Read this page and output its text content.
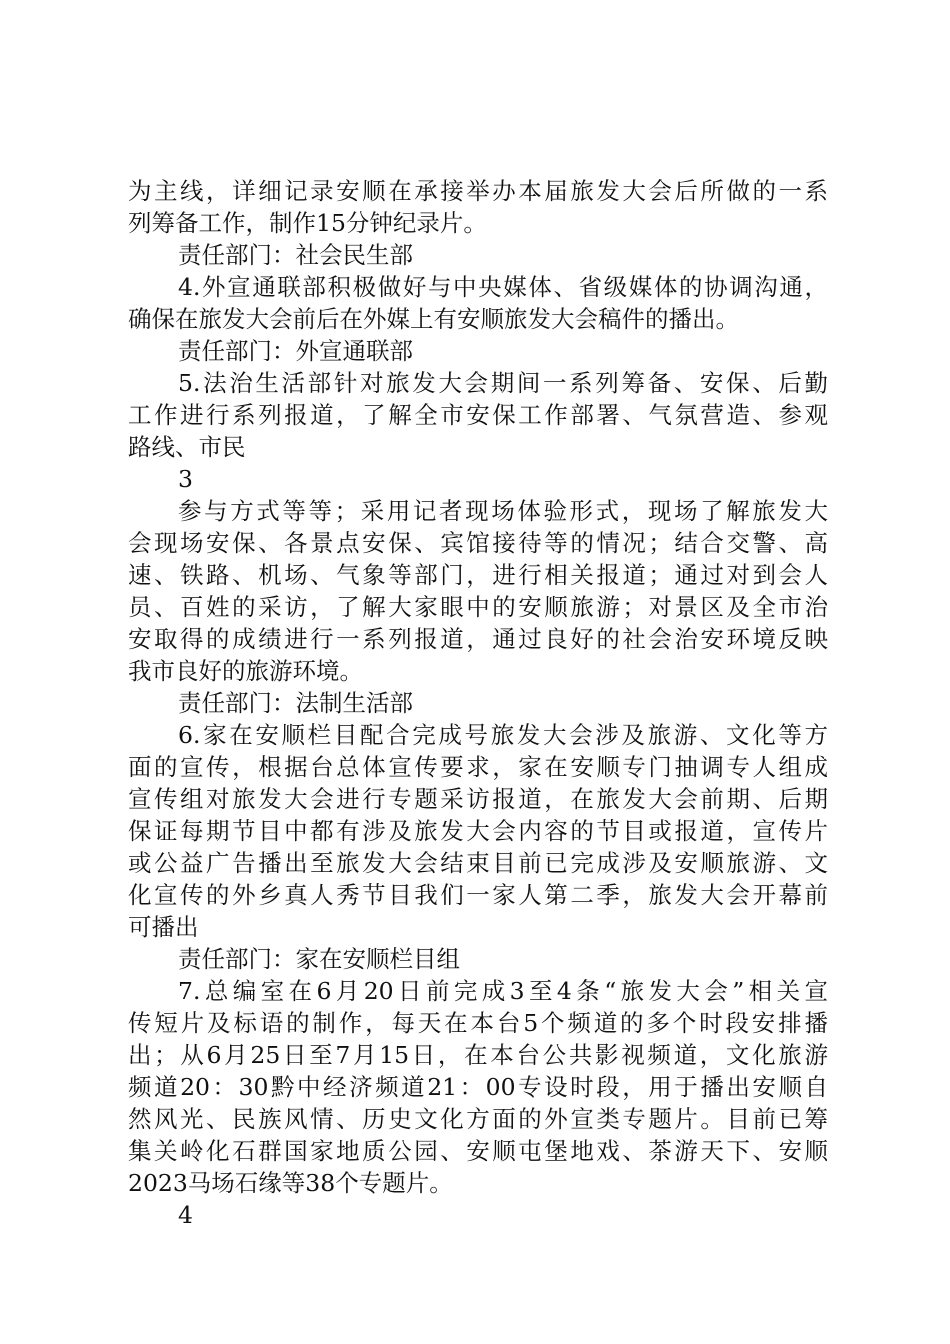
为主线，详细记录安顺在承接举办本届旅发大会后所做的一系
列筹备工作，制作15分钟纪录片。
责任部门：社会民生部
4.外宣通联部积极做好与中央媒体、省级媒体的协调沟通，
确保在旅发大会前后在外媒上有安顺旅发大会稿件的播出。
责任部门：外宣通联部
5.法治生活部针对旅发大会期间一系列筹备、安保、后勤
工作进行系列报道，了解全市安保工作部署、气氛营造、参观
路线、市民
3
参与方式等等；采用记者现场体验形式，现场了解旅发大
会现场安保、各景点安保、宾馆接待等的情况；结合交警、高
速、铁路、机场、气象等部门，进行相关报道；通过对到会人
员、百姓的采访，了解大家眼中的安顺旅游；对景区及全市治
安取得的成绩进行一系列报道，通过良好的社会治安环境反映
我市良好的旅游环境。
责任部门：法制生活部
6.家在安顺栏目配合完成号旅发大会涉及旅游、文化等方
面的宣传，根据台总体宣传要求，家在安顺专门抽调专人组成
宣传组对旅发大会进行专题采访报道，在旅发大会前期、后期
保证每期节目中都有涉及旅发大会内容的节目或报道，宣传片
或公益广告播出至旅发大会结束目前已完成涉及安顺旅游、文
化宣传的外乡真人秀节目我们一家人第二季，旅发大会开幕前
可播出
责任部门：家在安顺栏目组
7.总编室在6月20日前完成3至4条“旅发大会”相关宣
传短片及标语的制作，每天在本台5个频道的多个时段安排播
出；从6月25日至7月15日，在本台公共影视频道，文化旅游
频道20：30黔中经济频道21：00专设时段，用于播出安顺自
然风光、民族风情、历史文化方面的外宣类专题片。目前已筹
集关岭化石群国家地质公园、安顺屯堡地戏、茶游天下、安顺
2023马场石缘等38个专题片。
4
